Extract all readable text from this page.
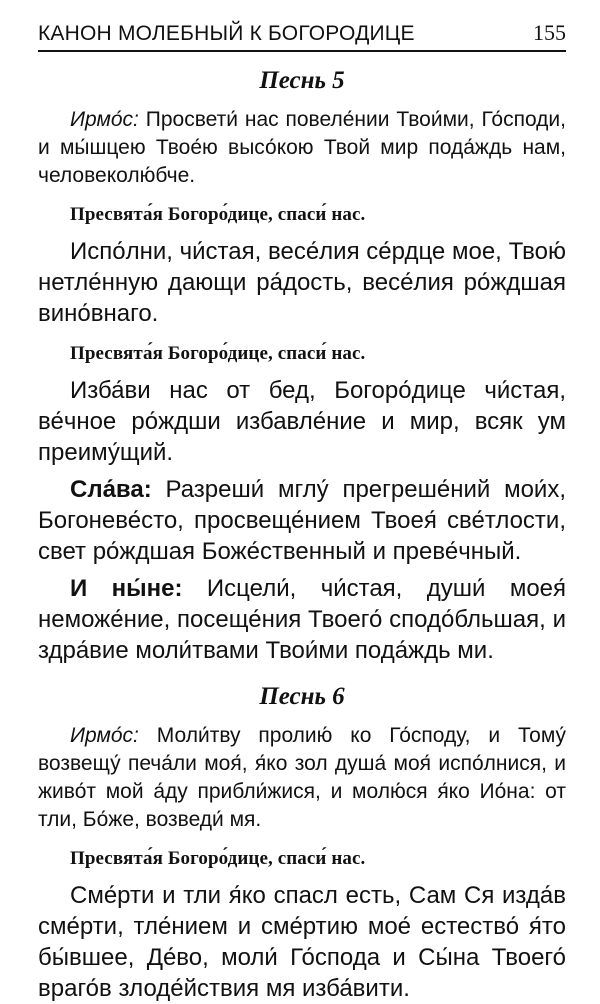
КАНОН МОЛЕБНЫЙ К БОГОРОДИЦЕ	155
Песнь 5

Ирмо́с: Просвети́ нас повеле́нии Твои́ми, Го́споди, и мы́шцею Твое́ю высо́кою Твой мир пода́ждь нам, человеколю́бче.

Пресвята́я Богоро́дице, спаси́ нас.

Испо́лни, чи́стая, весе́лия се́рдце мое, Твою́ нетле́нную дающи ра́дость, весе́лия ро́ждшая вино́внаго.

Пресвята́я Богоро́дице, спаси́ нас.

Изба́ви нас от бед, Богоро́дице чи́стая, ве́чное ро́ждши избавле́ние и мир, всяк ум преиму́щий.

Сла́ва: Разреши́ мглу́ прегреше́ний мои́х, Богоневе́сто, просвеще́нием Твоея́ све́тлости, свет ро́ждшая Боже́ственный и преве́чный.

И ны́не: Исцели́, чи́стая, души́ моея́ неможе́ние, посеще́ния Твоего́ сподо́бльшая, и здра́вие моли́твами Твои́ми пода́ждь ми.

Песнь 6

Ирмо́с: Моли́тву пролию́ ко Го́споду, и Тому́ возвещу́ печа́ли моя́, я́ко зол душа́ моя́ испо́лнися, и живо́т мой а́ду прибли́жися, и молю́ся я́ко Ио́на: от тли, Бо́же, возведи́ мя.

Пресвята́я Богоро́дице, спаси́ нас.

Сме́рти и тли я́ко спасл есть, Сам Ся изда́в сме́рти, тле́нием и сме́ртию мое́ естество́ я́то бы́вшее, Де́во, моли́ Го́спода и Сы́на Твоего́ враго́в злоде́йствия мя изба́вити.
